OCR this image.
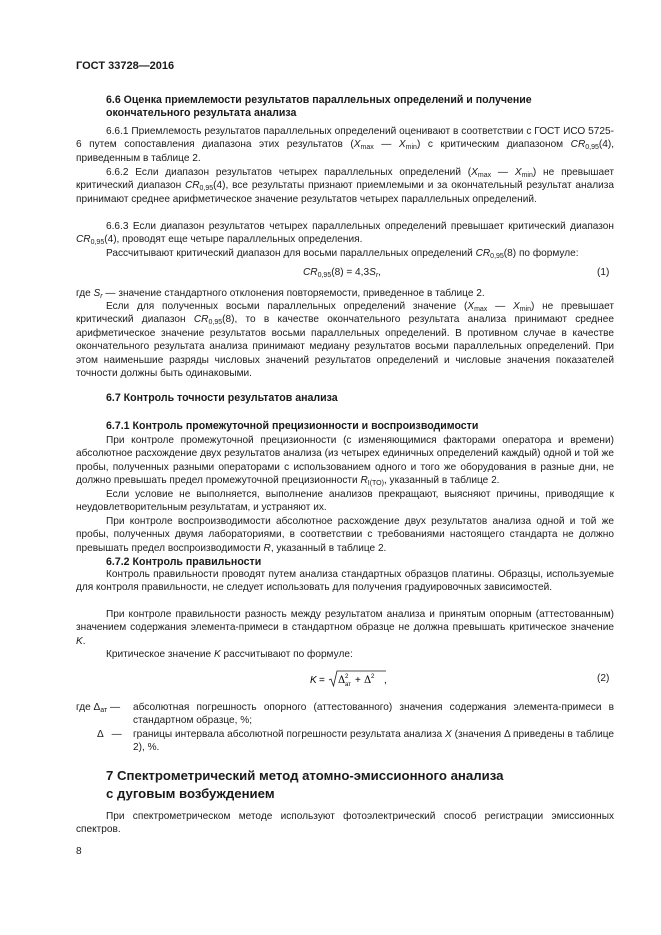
ГОСТ 33728—2016
6.6 Оценка приемлемости результатов параллельных определений и получение
окончательного результата анализа
6.6.1 Приемлемость результатов параллельных определений оценивают в соответствии с ГОСТ ИСО 5725-6 путем сопоставления диапазона этих результатов ($X_{max}$ — $X_{min}$) с критическим диапазоном $CR_{0,95}(4)$, приведенным в таблице 2.
6.6.2 Если диапазон результатов четырех параллельных определений ($X_{max}$ — $X_{min}$) не превышает критический диапазон $CR_{0,95}(4)$, все результаты признают приемлемыми и за окончательный результат анализа принимают среднее арифметическое значение результатов четырех параллельных определений.
6.6.3 Если диапазон результатов четырех параллельных определений превышает критический диапазон $CR_{0,95}(4)$, проводят еще четыре параллельных определения.
Рассчитывают критический диапазон для восьми параллельных определений $CR_{0,95}(8)$ по формуле:
$CR_{0,95}(8) = 4,3S_r$,	(1)
где $S_r$ — значение стандартного отклонения повторяемости, приведенное в таблице 2.
Если для полученных восьми параллельных определений значение ($X_{max}$ — $X_{min}$) не превышает критический диапазон $CR_{0,95}(8)$, то в качестве окончательного результата анализа принимают среднее арифметическое значение результатов восьми параллельных определений. В противном случае в качестве окончательного результата анализа принимают медиану результатов восьми параллельных определений. При этом наименьшие разряды числовых значений результатов определений и числовые значения показателей точности должны быть одинаковыми.
6.7 Контроль точности результатов анализа
6.7.1 Контроль промежуточной прецизионности и воспроизводимости
При контроле промежуточной прецизионности (с изменяющимися факторами оператора и времени) абсолютное расхождение двух результатов анализа (из четырех единичных определений каждый) одной и той же пробы, полученных разными операторами с использованием одного и того же оборудования в разные дни, не должно превышать предел промежуточной прецизионности $R_{I(TO)}$, указанный в таблице 2.
Если условие не выполняется, выполнение анализов прекращают, выясняют причины, приводящие к неудовлетворительным результатам, и устраняют их.
При контроле воспроизводимости абсолютное расхождение двух результатов анализа одной и той же пробы, полученных двумя лабораториями, в соответствии с требованиями настоящего стандарта не должно превышать предел воспроизводимости R, указанный в таблице 2.
6.7.2 Контроль правильности
Контроль правильности проводят путем анализа стандартных образцов платины. Образцы, используемые для контроля правильности, не следует использовать для получения градуировочных зависимостей.
При контроле правильности разность между результатом анализа и принятым опорным (аттестованным) значением содержания элемента-примеси в стандартном образце не должна превышать критическое значение K.
Критическое значение K рассчитывают по формуле:
K = Δ 2
ат + Δ 2 ,	(2)
где $\Delta_{ат}$ —	абсолютная погрешность опорного (аттестованного) значения содержания элемента-примеси в стандартном образце, %;
Δ   —	границы интервала абсолютной погрешности результата анализа X (значения Δ приведены в таблице 2), %.
7 Спектрометрический метод атомно-эмиссионного анализа
с дуговым возбуждением
При спектрометрическом методе используют фотоэлектрический способ регистрации эмиссионных спектров.
8
